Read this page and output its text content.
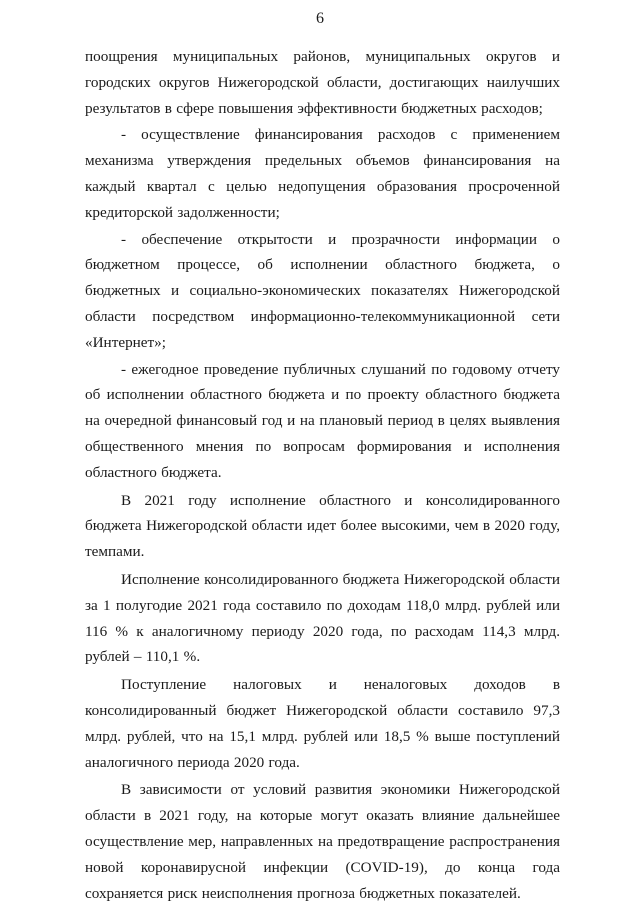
6

поощрения муниципальных районов, муниципальных округов и городских округов Нижегородской области, достигающих наилучших результатов в сфере повышения эффективности бюджетных расходов;

- осуществление финансирования расходов с применением механизма утверждения предельных объемов финансирования на каждый квартал с целью недопущения образования просроченной кредиторской задолженности;

- обеспечение открытости и прозрачности информации о бюджетном процессе, об исполнении областного бюджета, о бюджетных и социально-экономических показателях Нижегородской области посредством информационно-телекоммуникационной сети «Интернет»;

- ежегодное проведение публичных слушаний по годовому отчету об исполнении областного бюджета и по проекту областного бюджета на очередной финансовый год и на плановый период в целях выявления общественного мнения по вопросам формирования и исполнения областного бюджета.

В 2021 году исполнение областного и консолидированного бюджета Нижегородской области идет более высокими, чем в 2020 году, темпами.

Исполнение консолидированного бюджета Нижегородской области за 1 полугодие 2021 года составило по доходам 118,0 млрд. рублей или 116 % к аналогичному периоду 2020 года, по расходам 114,3 млрд. рублей – 110,1 %.

Поступление налоговых и неналоговых доходов в консолидированный бюджет Нижегородской области составило 97,3 млрд. рублей, что на 15,1 млрд. рублей или 18,5 % выше поступлений аналогичного периода 2020 года.

В зависимости от условий развития экономики Нижегородской области в 2021 году, на которые могут оказать влияние дальнейшее осуществление мер, направленных на предотвращение распространения новой коронавирусной инфекции (COVID-19), до конца года сохраняется риск неисполнения прогноза бюджетных показателей.
